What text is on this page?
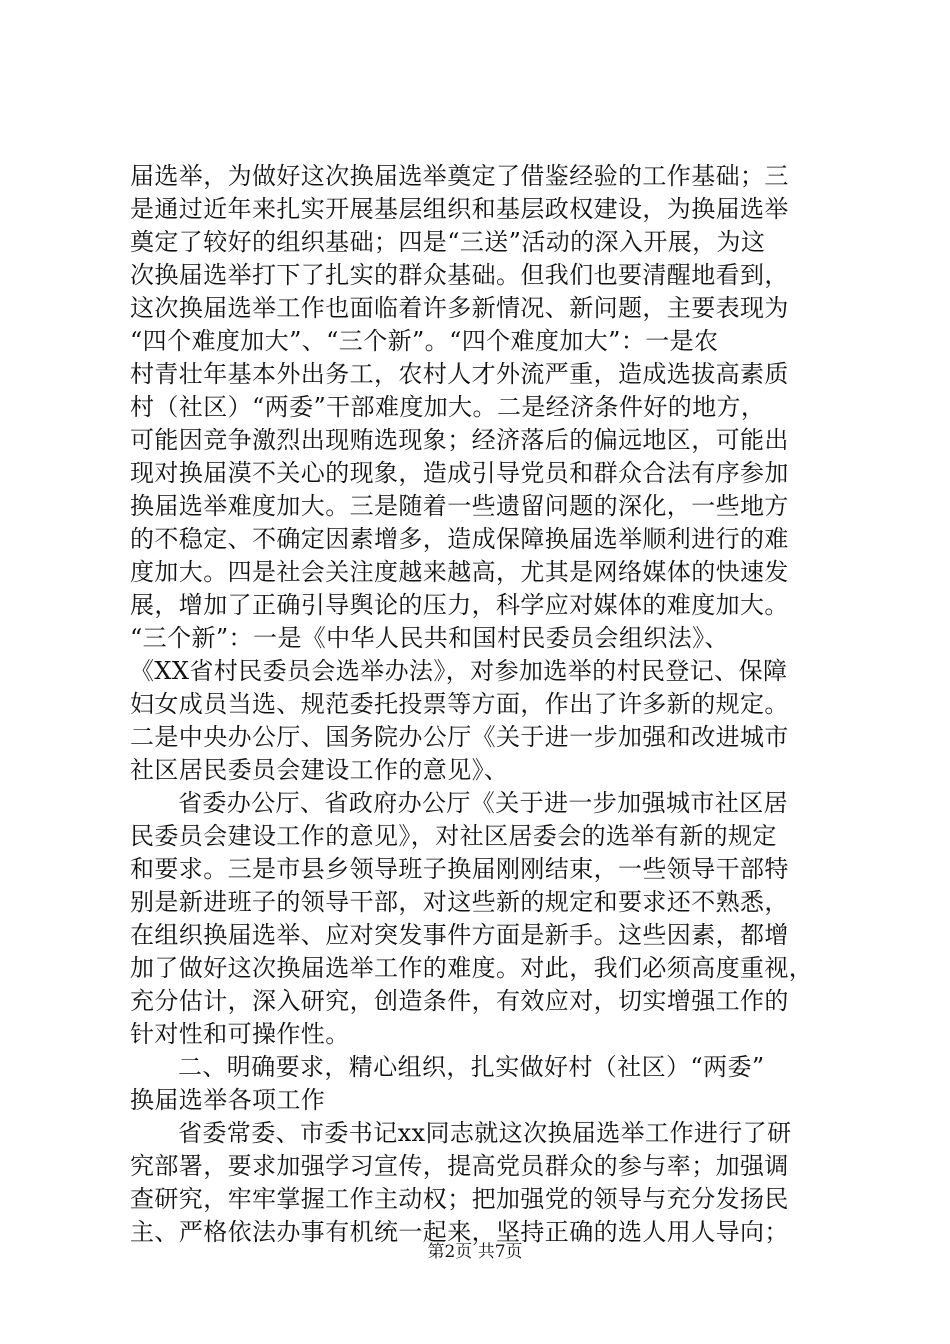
届选举，为做好这次换届选举奠定了借鉴经验的工作基础；三
是通过近年来扎实开展基层组织和基层政权建设，为换届选举
奠定了较好的组织基础；四是“三送”活动的深入开展，为这
次换届选举打下了扎实的群众基础。但我们也要清醒地看到，
这次换届选举工作也面临着许多新情况、新问题，主要表现为
“四个难度加大”、“三个新”。“四个难度加大”：一是农
村青壮年基本外出务工，农村人才外流严重，造成选拔高素质
村（社区）“两委”干部难度加大。二是经济条件好的地方，
可能因竞争激烈出现贿选现象；经济落后的偏远地区，可能出
现对换届漠不关心的现象，造成引导党员和群众合法有序参加
换届选举难度加大。三是随着一些遗留问题的深化，一些地方
的不稳定、不确定因素增多，造成保障换届选举顺利进行的难
度加大。四是社会关注度越来越高，尤其是网络媒体的快速发
展，增加了正确引导舆论的压力，科学应对媒体的难度加大。
“三个新”：一是《中华人民共和国村民委员会组织法》、
《XX省村民委员会选举办法》，对参加选举的村民登记、保障
妇女成员当选、规范委托投票等方面，作出了许多新的规定。
二是中央办公厅、国务院办公厅《关于进一步加强和改进城市
社区居民委员会建设工作的意见》、
省委办公厅、省政府办公厅《关于进一步加强城市社区居
民委员会建设工作的意见》，对社区居委会的选举有新的规定
和要求。三是市县乡领导班子换届刚刚结束，一些领导干部特
别是新进班子的领导干部，对这些新的规定和要求还不熟悉，
在组织换届选举、应对突发事件方面是新手。这些因素，都增
加了做好这次换届选举工作的难度。对此，我们必须高度重视，
充分估计，深入研究，创造条件，有效应对，切实增强工作的
针对性和可操作性。
二、明确要求，精心组织，扎实做好村（社区）“两委”
换届选举各项工作
省委常委、市委书记xx同志就这次换届选举工作进行了研
究部署，要求加强学习宣传，提高党员群众的参与率；加强调
查研究，牢牢掌握工作主动权；把加强党的领导与充分发扬民
主、严格依法办事有机统一起来，坚持正确的选人用人导向；
第2页 共7页
